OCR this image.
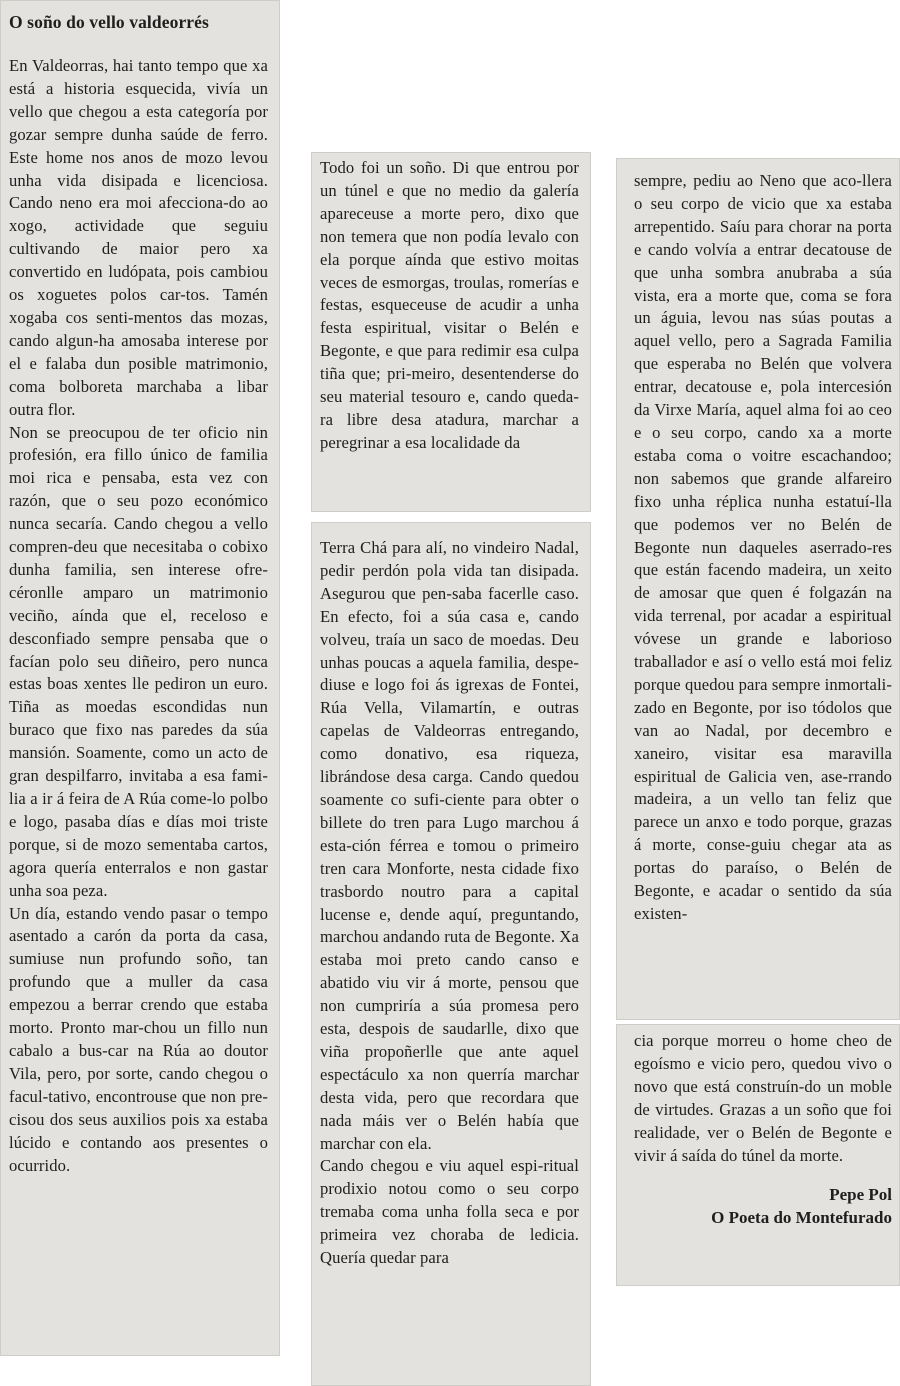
O soño do vello valdeorrés

En Valdeorras, hai tanto tempo que xa está a historia esquecida, vivía un vello que chegou a esta categoría por gozar sempre dunha saúde de ferro. Este home nos anos de mozo levou unha vida disipada e licenciosa. Cando neno era moi afecciona-do ao xogo, actividade que seguiu cultivando de maior pero xa convertido en ludópata, pois cambiou os xoguetes polos car-tos. Tamén xogaba cos senti-mentos das mozas, cando algun-ha amosaba interese por el e falaba dun posible matrimonio, coma bolboreta marchaba a libar outra flor.

Non se preocupou de ter oficio nin profesión, era fillo único de familia moi rica e pensaba, esta vez con razón, que o seu pozo económico nunca secaría. Cando chegou a vello compren-deu que necesitaba o cobixo dunha familia, sen interese ofre-céronlle amparo un matrimonio veciño, aínda que el, receloso e desconfiado sempre pensaba que o facían polo seu diñeiro, pero nunca estas boas xentes lle pediron un euro. Tiña as moedas escondidas nun buraco que fixo nas paredes da súa mansión. Soamente, como un acto de gran despilfarro, invitaba a esa fami-lia a ir á feira de A Rúa come-lo polbo e logo, pasaba días e días moi triste porque, si de mozo sementaba cartos, agora quería enterralos e non gastar unha soa peza.

Un día, estando vendo pasar o tempo asentado a carón da porta da casa, sumiuse nun profundo soño, tan profundo que a muller da casa empezou a berrar crendo que estaba morto. Pronto mar-chou un fillo nun cabalo a bus-car na Rúa ao doutor Vila, pero, por sorte, cando chegou o facul-tativo, encontrouse que non pre-cisou dos seus auxilios pois xa estaba lúcido e contando aos presentes o ocurrido.

Todo foi un soño. Di que entrou por un túnel e que no medio da galería apareceuse a morte pero, dixo que non temera que non podía levalo con ela porque aínda que estivo moitas veces de esmorgas, troulas, romerías e festas, esqueceuse de acudir a unha festa espiritual, visitar o Belén e Begonte, e que para redimir esa culpa tiña que; pri-meiro, desentenderse do seu material tesouro e, cando queda-ra libre desa atadura, marchar a peregrinar a esa localidade da

Terra Chá para alí, no vindeiro Nadal, pedir perdón pola vida tan disipada. Asegurou que pen-saba facerlle caso. En efecto, foi a súa casa e, cando volveu, traía un saco de moedas. Deu unhas poucas a aquela familia, despe-diuse e logo foi ás igrexas de Fontei, Rúa Vella, Vilamartín, e outras capelas de Valdeorras entregando, como donativo, esa riqueza, librándose desa carga. Cando quedou soamente co sufi-ciente para obter o billete do tren para Lugo marchou á esta-ción férrea e tomou o primeiro tren cara Monforte, nesta cidade fixo trasbordo noutro para a capital lucense e, dende aquí, preguntando, marchou andando ruta de Begonte. Xa estaba moi preto cando canso e abatido viu vir á morte, pensou que non cumpriría a súa promesa pero esta, despois de saudarlle, dixo que viña propoñerlle que ante aquel espectáculo xa non querría marchar desta vida, pero que recordara que nada máis ver o Belén había que marchar con ela.

Cando chegou e viu aquel espi-ritual prodixio notou como o seu corpo tremaba coma unha folla seca e por primeira vez choraba de ledicia. Quería quedar para

sempre, pediu ao Neno que aco-llera o seu corpo de vicio que xa estaba arrepentido. Saíu para chorar na porta e cando volvía a entrar decatouse de que unha sombra anubraba a súa vista, era a morte que, coma se fora un águia, levou nas súas poutas a aquel vello, pero a Sagrada Familia que esperaba no Belén que volvera entrar, decatouse e, pola intercesión da Virxe María, aquel alma foi ao ceo e o seu corpo, cando xa a morte estaba coma o voitre escachandoo; non sabemos que grande alfareiro fixo unha réplica nunha estatuí-lla que podemos ver no Belén de Begonte nun daqueles aserrado-res que están facendo madeira, un xeito de amosar que quen é folgazán na vida terrenal, por acadar a espiritual vóvese un grande e laborioso traballador e así o vello está moi feliz porque quedou para sempre inmortali-zado en Begonte, por iso tódolos que van ao Nadal, por decembro e xaneiro, visitar esa maravilla espiritual de Galicia ven, ase-rrando madeira, a un vello tan feliz que parece un anxo e todo porque, grazas á morte, conse-guiu chegar ata as portas do paraíso, o Belén de Begonte, e acadar o sentido da súa existen-

cia porque morreu o home cheo de egoísmo e vicio pero, quedou vivo o novo que está construín-do un moble de virtudes. Grazas a un soño que foi realidade, ver o Belén de Begonte e vivir á saída do túnel da morte.

Pepe Pol
O Poeta do Montefurado
